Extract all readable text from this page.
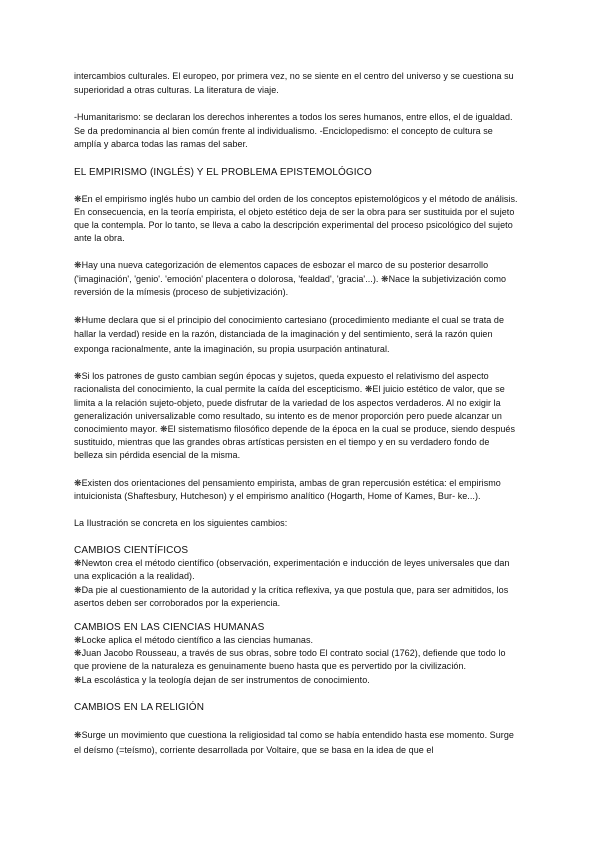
intercambios culturales. El europeo, por primera vez, no se siente en el centro del universo y se cuestiona su superioridad a otras culturas. La literatura de viaje.

-Humanitarismo: se declaran los derechos inherentes a todos los seres humanos, entre ellos, el de igualdad. Se da predominancia al bien común frente al individualismo. -Enciclopedismo: el concepto de cultura se amplía y abarca todas las ramas del saber.

EL EMPIRISMO (INGLÉS) Y EL PROBLEMA EPISTEMOLÓGICO

❋En el empirismo inglés hubo un cambio del orden de los conceptos epistemológicos y el método de análisis. En consecuencia, en la teoría empirista, el objeto estético deja de ser la obra para ser sustituida por el sujeto que la contempla. Por lo tanto, se lleva a cabo la descripción experimental del proceso psicológico del sujeto ante la obra.

❋Hay una nueva categorización de elementos capaces de esbozar el marco de su posterior desarrollo ('imaginación', 'genio'. 'emoción' placentera o dolorosa, 'fealdad', 'gracia'...). ❋Nace la subjetivización como reversión de la mímesis (proceso de subjetivización).

❋Hume declara que si el principio del conocimiento cartesiano (procedimiento mediante el cual se trata de hallar la verdad) reside en la razón, distanciada de la imaginación y del sentimiento, será la razón quien exponga racionalmente, ante la imaginación, su propia usurpación antinatural.

❋Si los patrones de gusto cambian según épocas y sujetos, queda expuesto el relativismo del aspecto racionalista del conocimiento, la cual permite la caída del escepticismo. ❋El juicio estético de valor, que se limita a la relación sujeto-objeto, puede disfrutar de la variedad de los aspectos verdaderos. Al no exigir la generalización universalizable como resultado, su intento es de menor proporción pero puede alcanzar un conocimiento mayor. ❋El sistematismo filosófico depende de la época en la cual se produce, siendo después sustituido, mientras que las grandes obras artísticas persisten en el tiempo y en su verdadero fondo de belleza sin pérdida esencial de la misma.

❋Existen dos orientaciones del pensamiento empirista, ambas de gran repercusión estética: el empirismo intuicionista (Shaftesbury, Hutcheson) y el empirismo analítico (Hogarth, Home of Kames, Bur- ke...).

La Ilustración se concreta en los siguientes cambios:

CAMBIOS CIENTÍFICOS

❋Newton crea el método científico (observación, experimentación e inducción de leyes universales que dan una explicación a la realidad).

❋Da pie al cuestionamiento de la autoridad y la crítica reflexiva, ya que postula que, para ser admitidos, los asertos deben ser corroborados por la experiencia.

CAMBIOS EN LAS CIENCIAS HUMANAS

❋Locke aplica el método científico a las ciencias humanas.

❋Juan Jacobo Rousseau, a través de sus obras, sobre todo El contrato social (1762), defiende que todo lo que proviene de la naturaleza es genuinamente bueno hasta que es pervertido por la civilización.

❋La escolástica y la teología dejan de ser instrumentos de conocimiento.

CAMBIOS EN LA RELIGIÓN

❋Surge un movimiento que cuestiona la religiosidad tal como se había entendido hasta ese momento. Surge el deísmo (=teísmo), corriente desarrollada por Voltaire, que se basa en la idea de que el
